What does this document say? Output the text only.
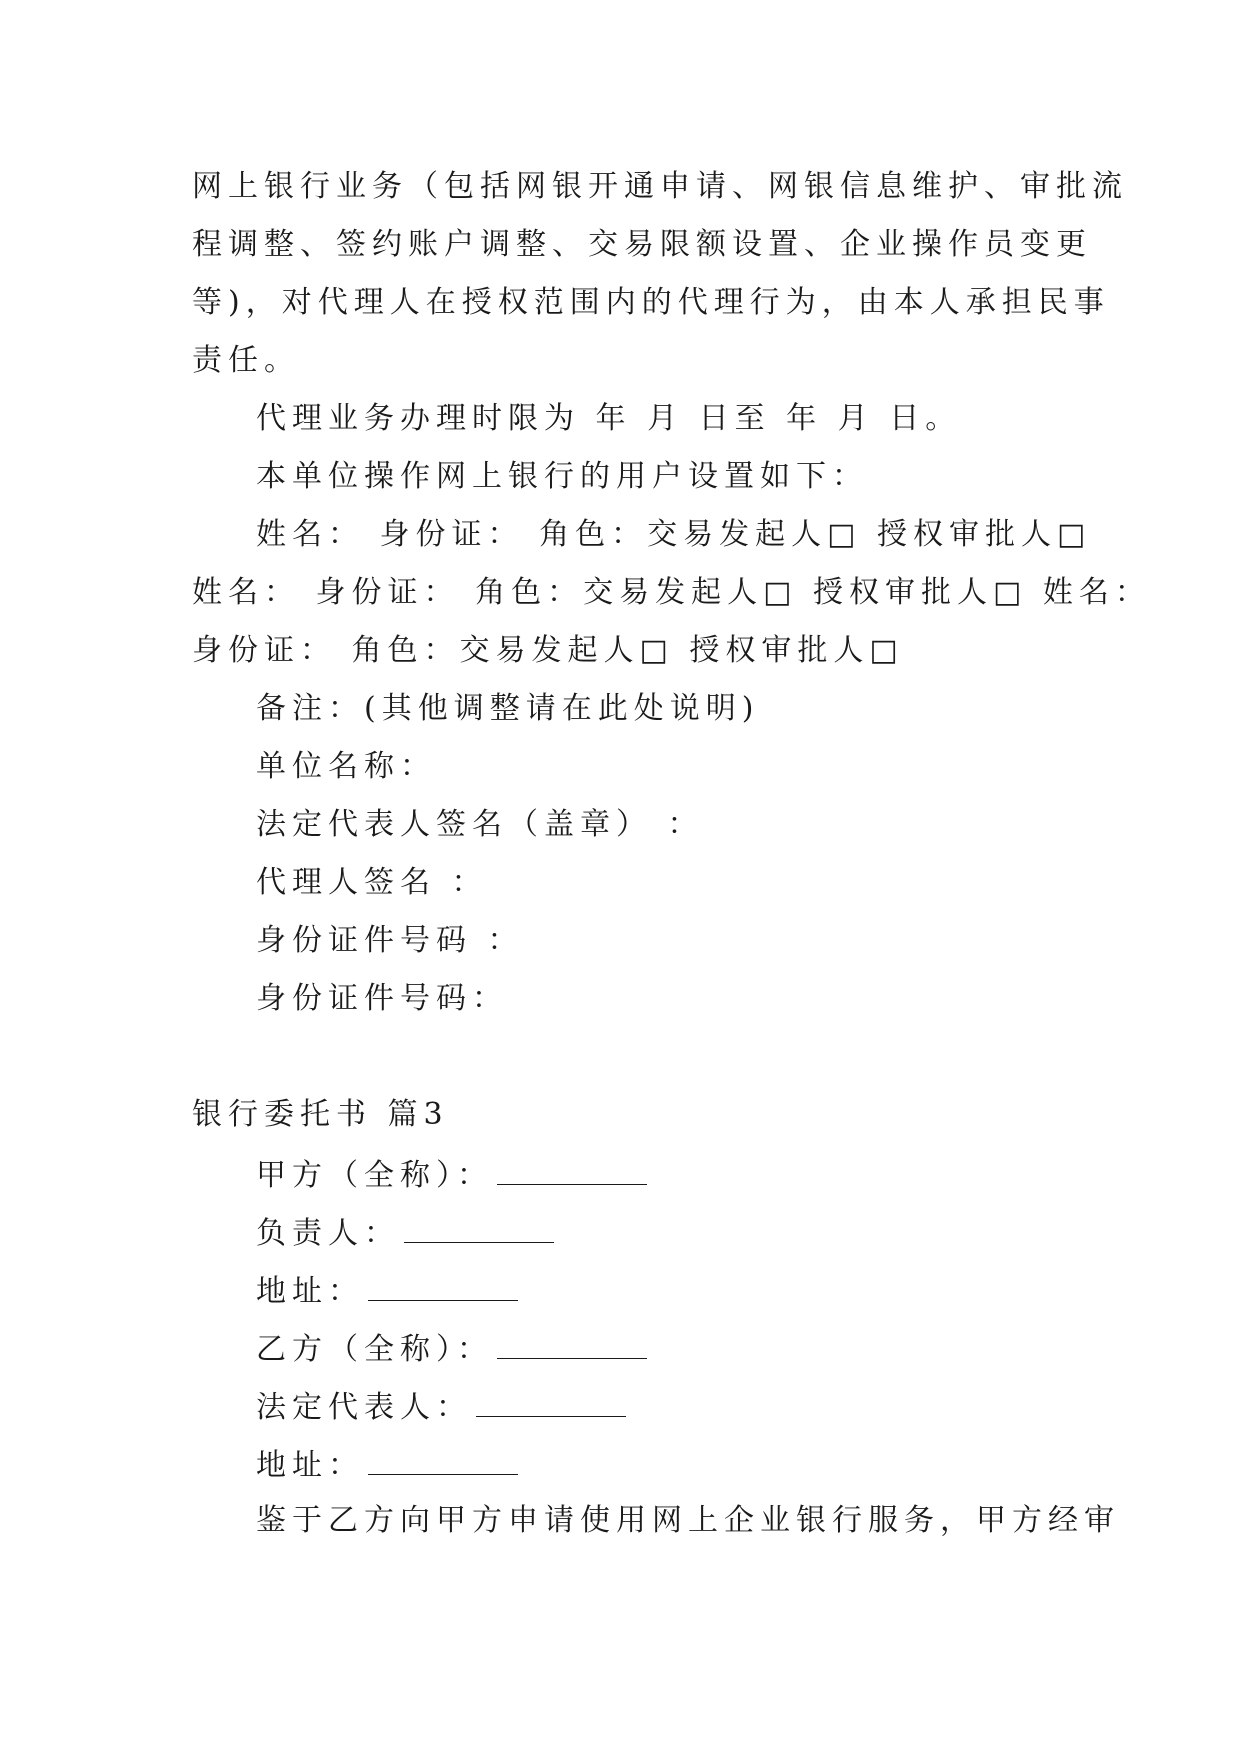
网上银行业务（包括网银开通申请、网银信息维护、审批流
程调整、签约账户调整、交易限额设置、企业操作员变更
等)，对代理人在授权范围内的代理行为，由本人承担民事
责任。
代理业务办理时限为 年 月 日至 年 月 日。
本单位操作网上银行的用户设置如下：
姓名： 身份证： 角色：交易发起人□ 授权审批人□
姓名： 身份证： 角色：交易发起人□ 授权审批人□ 姓名：
身份证： 角色：交易发起人□ 授权审批人□
备注：(其他调整请在此处说明)
单位名称：
法定代表人签名（盖章） ：
代理人签名 ：
身份证件号码 ：
身份证件号码：
银行委托书 篇3
甲方（全称）：
负责人：
地址：
乙方（全称）：
法定代表人：
地址：
鉴于乙方向甲方申请使用网上企业银行服务，甲方经审
